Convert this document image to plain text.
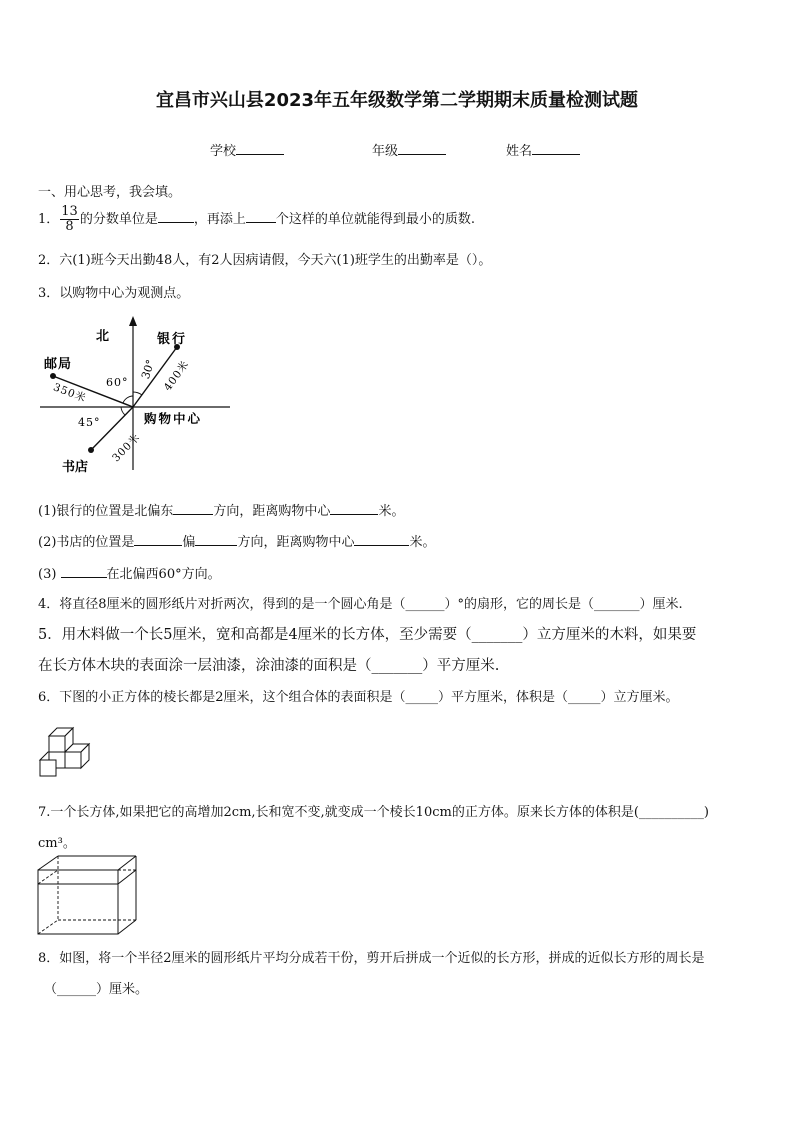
宜昌市兴山县2023年五年级数学第二学期期末质量检测试题
学校	年级	姓名
一、用心思考，我会填。
1． $\frac{13}{8}$ 的分数单位是	，再添上 个这样的单位就能得到最小的质数.
2．六(1)班今天出勤48人，有2人因病请假，今天六(1)班学生的出勤率是（）。
3．以购物中心为观测点。
北	银行
邮局
书店
购物中心
60°
30°
45°
350米	400米
300米
(1)银行的位置是北偏东	方向，距离购物中心	米。
(2)书店的位置是	偏	方向，距离购物中心	米。
(3)	在北偏西60°方向。
4．将直径8厘米的圆形纸片对折两次，得到的是一个圆心角是（______）°的扇形，它的周长是（_______）厘米.
5．用木料做一个长5厘米，宽和高都是4厘米的长方体，至少需要（_______）立方厘米的木料，如果要
在长方体木块的表面涂一层油漆，涂油漆的面积是（_______）平方厘米.
6．下图的小正方体的棱长都是2厘米，这个组合体的表面积是（_____）平方厘米，体积是（_____）立方厘米。
7.一个长方体,如果把它的高增加2cm,长和宽不变,就变成一个棱长10cm的正方体。原来长方体的体积是(__________)
cm³。
8．如图，将一个半径2厘米的圆形纸片平均分成若干份，剪开后拼成一个近似的长方形，拼成的近似长方形的周长是
（______）厘米。
